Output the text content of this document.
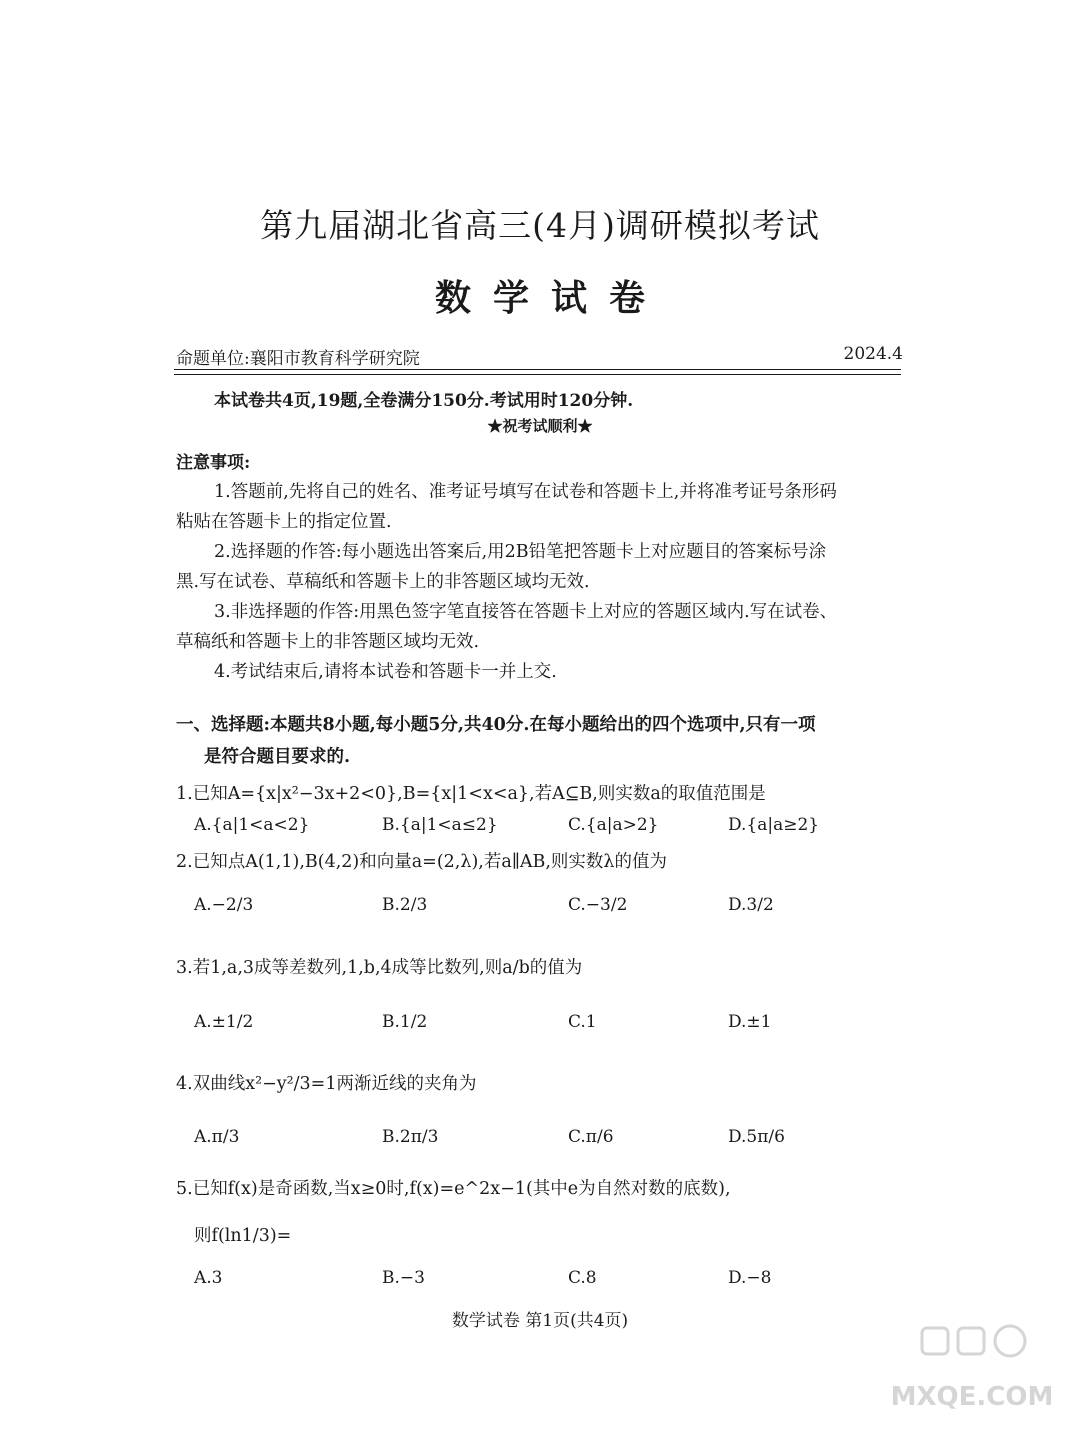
第九届湖北省高三(4月)调研模拟考试
数学试卷
命题单位:襄阳市教育科学研究院	2024.4
本试卷共4页,19题,全卷满分150分.考试用时120分钟.
★祝考试顺利★
注意事项:
1.答题前,先将自己的姓名、准考证号填写在试卷和答题卡上,并将准考证号条形码
粘贴在答题卡上的指定位置.
2.选择题的作答:每小题选出答案后,用2B铅笔把答题卡上对应题目的答案标号涂
黑.写在试卷、草稿纸和答题卡上的非答题区域均无效.
3.非选择题的作答:用黑色签字笔直接答在答题卡上对应的答题区域内.写在试卷、
草稿纸和答题卡上的非答题区域均无效.
4.考试结束后,请将本试卷和答题卡一并上交.
一、选择题:本题共8小题,每小题5分,共40分.在每小题给出的四个选项中,只有一项
是符合题目要求的.
1.已知A={x|x²−3x+2<0},B={x|1<x<a},若A⊆B,则实数a的取值范围是
A.{a|1<a<2}	B.{a|1<a≤2}	C.{a|a>2}	D.{a|a≥2}
2.已知点A(1,1),B(4,2)和向量a=(2,λ),若a∥AB,则实数λ的值为
A.−2/3	B.2/3	C.−3/2	D.3/2
3.若1,a,3成等差数列,1,b,4成等比数列,则a/b的值为
A.±1/2	B.1/2	C.1	D.±1
4.双曲线x²−y²/3=1两渐近线的夹角为
A.π/3	B.2π/3	C.π/6	D.5π/6
5.已知f(x)是奇函数,当x≥0时,f(x)=e^2x−1(其中e为自然对数的底数),
则f(ln1/3)=
A.3	B.−3	C.8	D.−8
数学试卷 第1页(共4页)
MXQE.COM
